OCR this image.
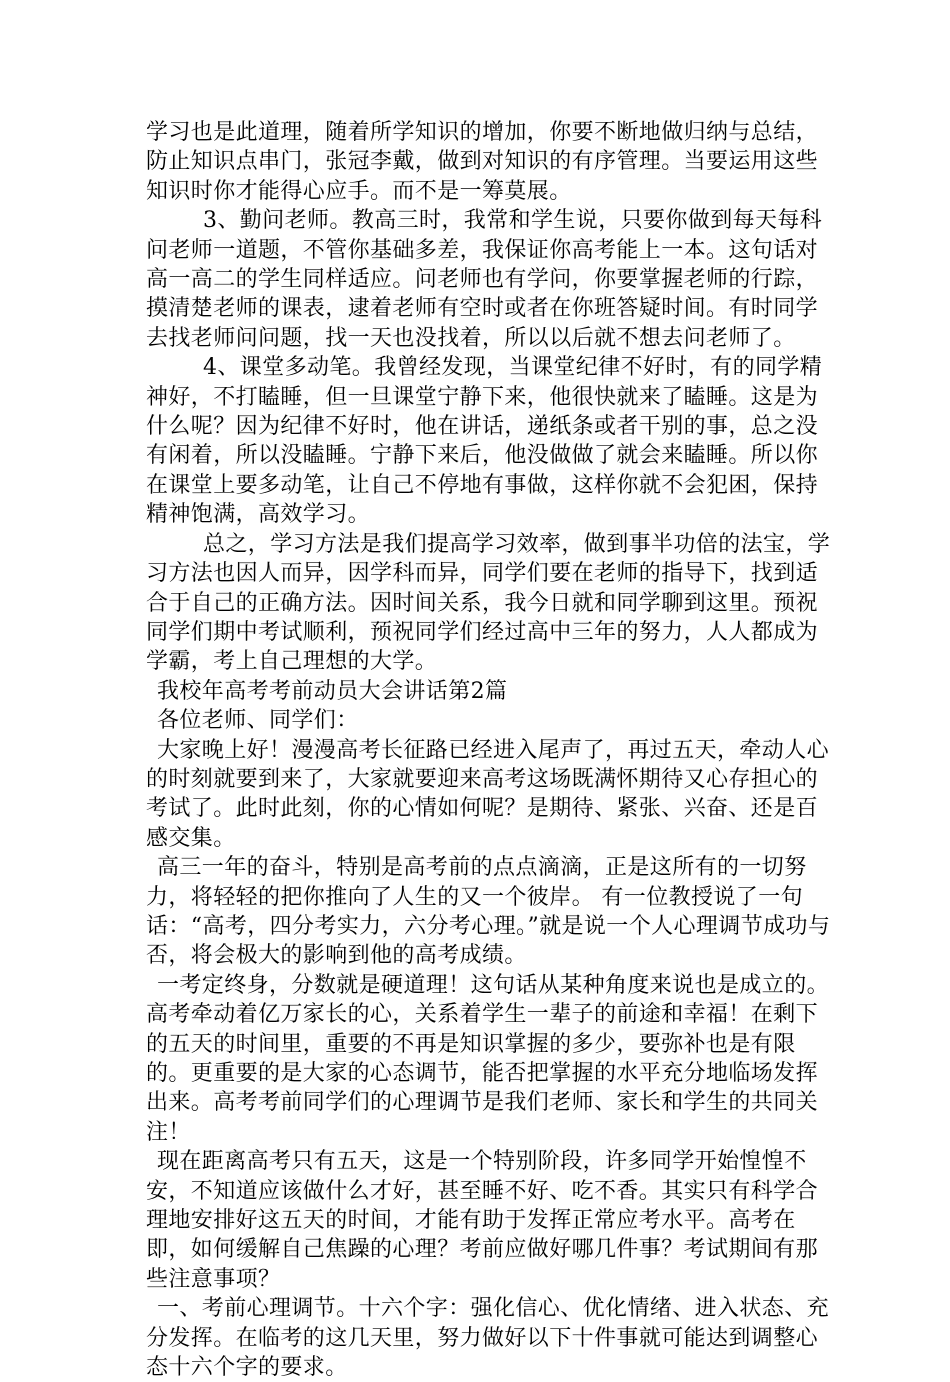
学习也是此道理，随着所学知识的增加，你要不断地做归纳与总结，防止知识点串门，张冠李戴，做到对知识的有序管理。当要运用这些知识时你才能得心应手。而不是一筹莫展。

3、勤问老师。教高三时，我常和学生说，只要你做到每天每科问老师一道题，不管你基础多差，我保证你高考能上一本。这句话对高一高二的学生同样适应。问老师也有学问，你要掌握老师的行踪，摸清楚老师的课表，逮着老师有空时或者在你班答疑时间。有时同学去找老师问问题，找一天也没找着，所以以后就不想去问老师了。

4、课堂多动笔。我曾经发现，当课堂纪律不好时，有的同学精神好，不打瞌睡，但一旦课堂宁静下来，他很快就来了瞌睡。这是为什么呢？因为纪律不好时，他在讲话，递纸条或者干别的事，总之没有闲着，所以没瞌睡。宁静下来后，他没做做了就会来瞌睡。所以你在课堂上要多动笔，让自己不停地有事做，这样你就不会犯困，保持精神饱满，高效学习。

总之，学习方法是我们提高学习效率，做到事半功倍的法宝，学习方法也因人而异，因学科而异，同学们要在老师的指导下，找到适合于自己的正确方法。因时间关系，我今日就和同学聊到这里。预祝同学们期中考试顺利，预祝同学们经过高中三年的努力，人人都成为学霸，考上自己理想的大学。

我校年高考考前动员大会讲话第2篇

各位老师、同学们：

大家晚上好！漫漫高考长征路已经进入尾声了，再过五天，牵动人心的时刻就要到来了，大家就要迎来高考这场既满怀期待又心存担心的考试了。此时此刻，你的心情如何呢？是期待、紧张、兴奋、还是百感交集。

高三一年的奋斗，特别是高考前的点点滴滴，正是这所有的一切努力，将轻轻的把你推向了人生的又一个彼岸。 有一位教授说了一句话：“高考，四分考实力，六分考心理。”就是说一个人心理调节成功与否，将会极大的影响到他的高考成绩。

一考定终身，分数就是硬道理！这句话从某种角度来说也是成立的。高考牵动着亿万家长的心，关系着学生一辈子的前途和幸福！在剩下的五天的时间里，重要的不再是知识掌握的多少，要弥补也是有限的。更重要的是大家的心态调节，能否把掌握的水平充分地临场发挥出来。高考考前同学们的心理调节是我们老师、家长和学生的共同关注！

现在距离高考只有五天，这是一个特别阶段，许多同学开始惶惶不安，不知道应该做什么才好，甚至睡不好、吃不香。其实只有科学合理地安排好这五天的时间，才能有助于发挥正常应考水平。高考在即，如何缓解自己焦躁的心理？考前应做好哪几件事？考试期间有那些注意事项？

一、考前心理调节。十六个字：强化信心、优化情绪、进入状态、充分发挥。在临考的这几天里，努力做好以下十件事就可能达到调整心态十六个字的要求。
